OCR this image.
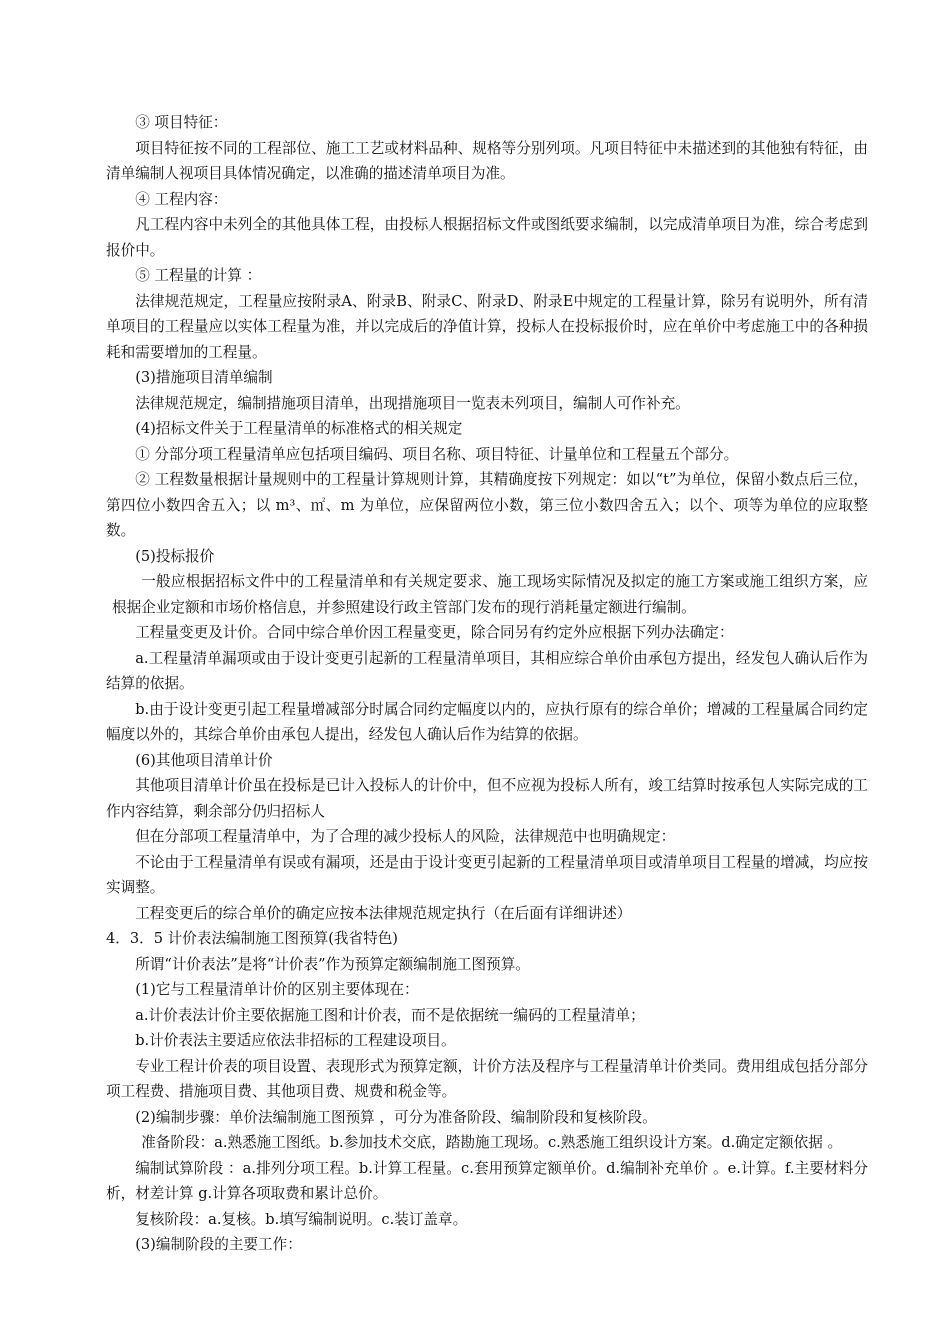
③ 项目特征：

项目特征按不同的工程部位、施工工艺或材料品种、规格等分别列项。凡项目特征中未描述到的其他独有特征，由清单编制人视项目具体情况确定，以准确的描述清单项目为准。

④ 工程内容：

凡工程内容中未列全的其他具体工程，由投标人根据招标文件或图纸要求编制，以完成清单项目为准，综合考虑到报价中。

⑤ 工程量的计算 ：

法律规范规定，工程量应按附录A、附录B、附录C、附录D、附录E中规定的工程量计算，除另有说明外，所有清单项目的工程量应以实体工程量为准，并以完成后的净值计算，投标人在投标报价时，应在单价中考虑施工中的各种损耗和需要增加的工程量。

(3)措施项目清单编制

法律规范规定，编制措施项目清单，出现措施项目一览表未列项目，编制人可作补充。

(4)招标文件关于工程量清单的标准格式的相关规定

① 分部分项工程量清单应包括项目编码、项目名称、项目特征、计量单位和工程量五个部分。

② 工程数量根据计量规则中的工程量计算规则计算，其精确度按下列规定：如以“t”为单位，保留小数点后三位，第四位小数四舍五入；以 m³、㎡、m 为单位，应保留两位小数，第三位小数四舍五入；以个、项等为单位的应取整数。

(5)投标报价

一般应根据招标文件中的工程量清单和有关规定要求、施工现场实际情况及拟定的施工方案或施工组织方案，应根据企业定额和市场价格信息，并参照建设行政主管部门发布的现行消耗量定额进行编制。

工程量变更及计价。合同中综合单价因工程量变更，除合同另有约定外应根据下列办法确定：

a.工程量清单漏项或由于设计变更引起新的工程量清单项目，其相应综合单价由承包方提出，经发包人确认后作为结算的依据。

b.由于设计变更引起工程量增减部分时属合同约定幅度以内的，应执行原有的综合单价；增减的工程量属合同约定幅度以外的，其综合单价由承包人提出，经发包人确认后作为结算的依据。

(6)其他项目清单计价

其他项目清单计价虽在投标是已计入投标人的计价中，但不应视为投标人所有，竣工结算时按承包人实际完成的工作内容结算，剩余部分仍归招标人

但在分部项工程量清单中，为了合理的减少投标人的风险，法律规范中也明确规定：

不论由于工程量清单有误或有漏项，还是由于设计变更引起新的工程量清单项目或清单项目工程量的增减，均应按实调整。

工程变更后的综合单价的确定应按本法律规范规定执行（在后面有详细讲述）

4．3．5 计价表法编制施工图预算(我省特色)

所谓“计价表法”是将“计价表”作为预算定额编制施工图预算。

(1)它与工程量清单计价的区别主要体现在：

a.计价表法计价主要依据施工图和计价表，而不是依据统一编码的工程量清单；

b.计价表法主要适应依法非招标的工程建设项目。

专业工程计价表的项目设置、表现形式为预算定额，计价方法及程序与工程量清单计价类同。费用组成包括分部分项工程费、措施项目费、其他项目费、规费和税金等。

(2)编制步骤：单价法编制施工图预算 ，可分为准备阶段、编制阶段和复核阶段。

准备阶段：a.熟悉施工图纸。b.参加技术交底，踏勘施工现场。c.熟悉施工组织设计方案。d.确定定额依据 。

编制试算阶段 ：a.排列分项工程。b.计算工程量。c.套用预算定额单价。d.编制补充单价 。e.计算。f.主要材料分析，材差计算 g.计算各项取费和累计总价。

复核阶段：a.复核。b.填写编制说明。c.装订盖章。

(3)编制阶段的主要工作：
